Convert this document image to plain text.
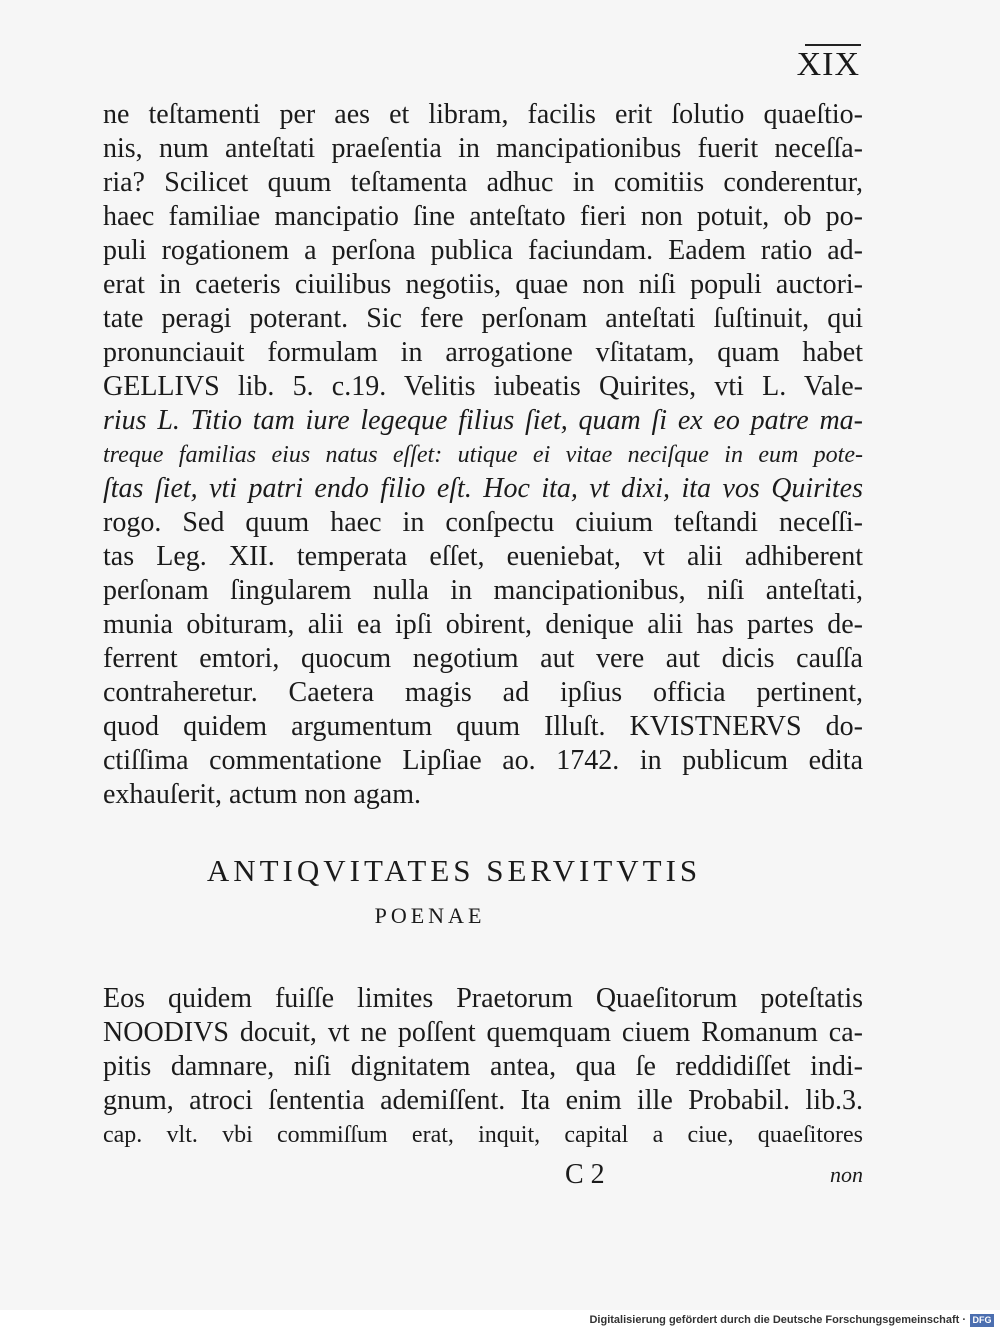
XIX
ne teſtamenti per aes et libram, facilis erit ſolutio quaeſtio-
nis, num anteſtati praeſentia in mancipationibus fuerit neceſſa-
ria? Scilicet quum teſtamenta adhuc in comitiis conderentur,
haec familiae mancipatio ſine anteſtato fieri non potuit, ob po-
puli rogationem a perſona publica faciundam. Eadem ratio ad-
erat in caeteris ciuilibus negotiis, quae non niſi populi auctori-
tate peragi poterant. Sic fere perſonam anteſtati ſuſtinuit, qui
pronunciauit formulam in arrogatione vſitatam, quam habet
GELLIVS lib. 5. c.19. Velitis iubeatis Quirites, vti L. Vale-
rius L. Titio tam iure legeque filius ſiet, quam ſi ex eo patre ma-
treque familias eius natus eſſet: utique ei vitae neciſque in eum pote-
ſtas ſiet, vti patri endo filio eſt. Hoc ita, vt dixi, ita vos Quirites
rogo. Sed quum haec in conſpectu ciuium teſtandi neceſſi-
tas Leg. XII. temperata eſſet, eueniebat, vt alii adhiberent
perſonam ſingularem nulla in mancipationibus, niſi anteſtati,
munia obituram, alii ea ipſi obirent, denique alii has partes de-
ferrent emtori, quocum negotium aut vere aut dicis cauſſa
contraheretur. Caetera magis ad ipſius officia pertinent,
quod quidem argumentum quum Illuſt. KVISTNERVS do-
ctiſſima commentatione Lipſiae ao. 1742. in publicum edita
exhauſerit, actum non agam.
ANTIQVITATES SERVITVTIS
POENAE
Eos quidem fuiſſe limites Praetorum Quaeſitorum poteſtatis
NOODIVS docuit, vt ne poſſent quemquam ciuem Romanum ca-
pitis damnare, niſi dignitatem antea, qua ſe reddidiſſet indi-
gnum, atroci ſententia ademiſſent. Ita enim ille Probabil. lib.3.
cap. vlt. vbi commiſſum erat, inquit, capital a ciue, quaeſitores
C 2	non
Digitalisierung gefördert durch die Deutsche Forschungsgemeinschaft · DFG
